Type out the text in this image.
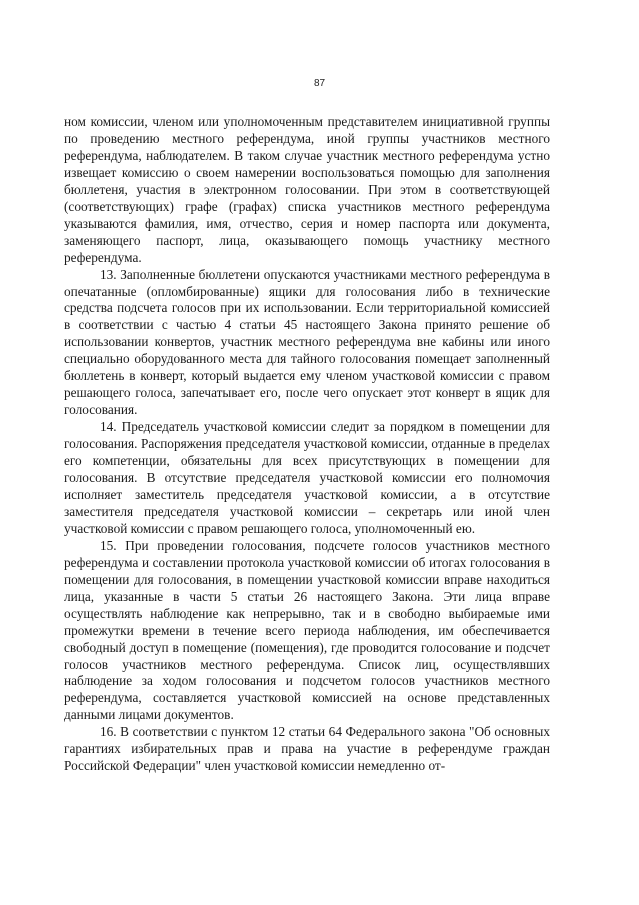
87

ном комиссии, членом или уполномоченным представителем инициативной группы по проведению местного референдума, иной группы участников местного референдума, наблюдателем. В таком случае участник местного референдума устно извещает комиссию о своем намерении воспользоваться помощью для заполнения бюллетеня, участия в электронном голосовании. При этом в соответствующей (соответствующих) графе (графах) списка участников местного референдума указываются фамилия, имя, отчество, серия и номер паспорта или документа, заменяющего паспорт, лица, оказывающего помощь участнику местного референдума.

13. Заполненные бюллетени опускаются участниками местного референдума в опечатанные (опломбированные) ящики для голосования либо в технические средства подсчета голосов при их использовании. Если территориальной комиссией в соответствии с частью 4 статьи 45 настоящего Закона принято решение об использовании конвертов, участник местного референдума вне кабины или иного специально оборудованного места для тайного голосования помещает заполненный бюллетень в конверт, который выдается ему членом участковой комиссии с правом решающего голоса, запечатывает его, после чего опускает этот конверт в ящик для голосования.

14. Председатель участковой комиссии следит за порядком в помещении для голосования. Распоряжения председателя участковой комиссии, отданные в пределах его компетенции, обязательны для всех присутствующих в помещении для голосования. В отсутствие председателя участковой комиссии его полномочия исполняет заместитель председателя участковой комиссии, а в отсутствие заместителя председателя участковой комиссии – секретарь или иной член участковой комиссии с правом решающего голоса, уполномоченный ею.

15. При проведении голосования, подсчете голосов участников местного референдума и составлении протокола участковой комиссии об итогах голосования в помещении для голосования, в помещении участковой комиссии вправе находиться лица, указанные в части 5 статьи 26 настоящего Закона. Эти лица вправе осуществлять наблюдение как непрерывно, так и в свободно выбираемые ими промежутки времени в течение всего периода наблюдения, им обеспечивается свободный доступ в помещение (помещения), где проводится голосование и подсчет голосов участников местного референдума. Список лиц, осуществлявших наблюдение за ходом голосования и подсчетом голосов участников местного референдума, составляется участковой комиссией на основе представленных данными лицами документов.

16. В соответствии с пунктом 12 статьи 64 Федерального закона "Об основных гарантиях избирательных прав и права на участие в референдуме граждан Российской Федерации" член участковой комиссии немедленно от-
